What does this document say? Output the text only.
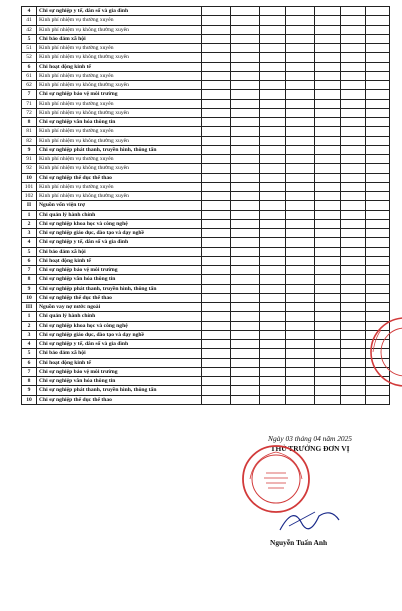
4	Chi sự nghiệp y tế, dân số và gia đình							
41	Kinh phí nhiệm vụ thường xuyên							
42	Kinh phí nhiệm vụ không thường xuyên							
5	Chi bảo đảm xã hội							
51	Kinh phí nhiệm vụ thường xuyên							
52	Kinh phí nhiệm vụ không thường xuyên							
6	Chi hoạt động kinh tế							
61	Kinh phí nhiệm vụ thường xuyên							
62	Kinh phí nhiệm vụ không thường xuyên							
7	Chi sự nghiệp bảo vệ môi trường							
71	Kinh phí nhiệm vụ thường xuyên							
72	Kinh phí nhiệm vụ không thường xuyên							
8	Chi sự nghiệp văn hóa thông tin							
81	Kinh phí nhiệm vụ thường xuyên							
82	Kinh phí nhiệm vụ không thường xuyên							
9	Chi sự nghiệp phát thanh, truyền hình, thông tấn							
91	Kinh phí nhiệm vụ thường xuyên							
92	Kinh phí nhiệm vụ không thường xuyên							
10	Chi sự nghiệp thể dục thể thao							
101	Kinh phí nhiệm vụ thường xuyên							
102	Kinh phí nhiệm vụ không thường xuyên							
II	Nguồn vốn viện trợ							
1	Chi quản lý hành chính							
2	Chi sự nghiệp khoa học và công nghệ							
3	Chi sự nghiệp giáo dục, đào tạo và dạy nghề							
4	Chi sự nghiệp y tế, dân số và gia đình							
5	Chi bảo đảm xã hội							
6	Chi hoạt động kinh tế							
7	Chi sự nghiệp bảo vệ môi trường							
8	Chi sự nghiệp văn hóa thông tin							
9	Chi sự nghiệp phát thanh, truyền hình, thông tấn							
10	Chi sự nghiệp thể dục thể thao							
III	Nguồn vay nợ nước ngoài							
1	Chi quản lý hành chính							
2	Chi sự nghiệp khoa học và công nghệ							
3	Chi sự nghiệp giáo dục, đào tạo và dạy nghề							
4	Chi sự nghiệp y tế, dân số và gia đình							
5	Chi bảo đảm xã hội							
6	Chi hoạt động kinh tế							
7	Chi sự nghiệp bảo vệ môi trường							
8	Chi sự nghiệp văn hóa thông tin							
9	Chi sự nghiệp phát thanh, truyền hình, thông tấn							
10	Chi sự nghiệp thể dục thể thao							
Ngày 03 tháng 04 năm 2025
THỦ TRƯỞNG ĐƠN VỊ
Nguyễn Tuấn Anh
